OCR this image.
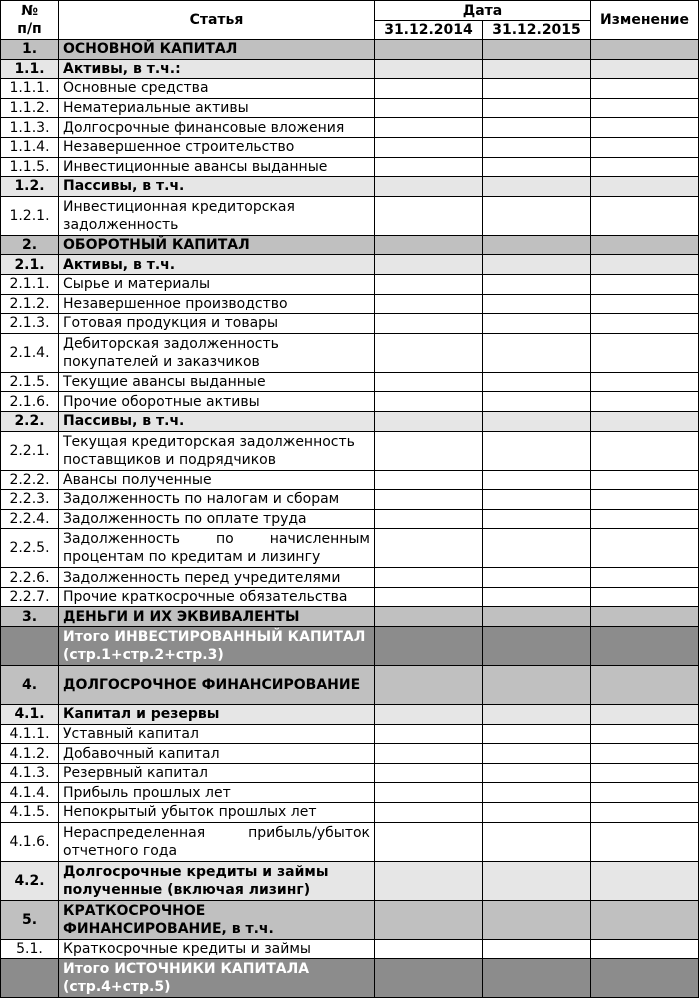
№
п/п	Статья	Дата		Изменение
		31.12.2014	31.12.2015	
1.	ОСНОВНОЙ КАПИТАЛ			
1.1.	Активы, в т.ч.:			
1.1.1.	Основные средства			
1.1.2.	Нематериальные активы			
1.1.3.	Долгосрочные финансовые вложения			
1.1.4.	Незавершенное строительство			
1.1.5.	Инвестиционные авансы выданные			
1.2.	Пассивы, в т.ч.			
1.2.1.	Инвестиционная кредиторская задолженность			
2.	ОБОРОТНЫЙ КАПИТАЛ			
2.1.	Активы, в т.ч.			
2.1.1.	Сырье и материалы			
2.1.2.	Незавершенное производство			
2.1.3.	Готовая продукция и товары			
2.1.4.	Дебиторская задолженность покупателей и заказчиков			
2.1.5.	Текущие авансы выданные			
2.1.6.	Прочие оборотные активы			
2.2.	Пассивы, в т.ч.			
2.2.1.	Текущая кредиторская задолженность поставщиков и подрядчиков			
2.2.2.	Авансы полученные			
2.2.3.	Задолженность по налогам и сборам			
2.2.4.	Задолженность по оплате труда			
2.2.5.	Задолженность по начисленным процентам по кредитам и лизингу			
2.2.6.	Задолженность перед учредителями			
2.2.7.	Прочие краткосрочные обязательства			
3.	ДЕНЬГИ И ИХ ЭКВИВАЛЕНТЫ			
	Итого ИНВЕСТИРОВАННЫЙ КАПИТАЛ (стр.1+стр.2+стр.3)			
4.	ДОЛГОСРОЧНОЕ ФИНАНСИРОВАНИЕ			
4.1.	Капитал и резервы			
4.1.1.	Уставный капитал			
4.1.2.	Добавочный капитал			
4.1.3.	Резервный капитал			
4.1.4.	Прибыль прошлых лет			
4.1.5.	Непокрытый убыток прошлых лет			
4.1.6.	Нераспределенная прибыль/убыток отчетного года			
4.2.	Долгосрочные кредиты и займы полученные (включая лизинг)			
5.	КРАТКОСРОЧНОЕ ФИНАНСИРОВАНИЕ, в т.ч.			
5.1.	Краткосрочные кредиты и займы			
	Итого ИСТОЧНИКИ КАПИТАЛА (стр.4+стр.5)			
